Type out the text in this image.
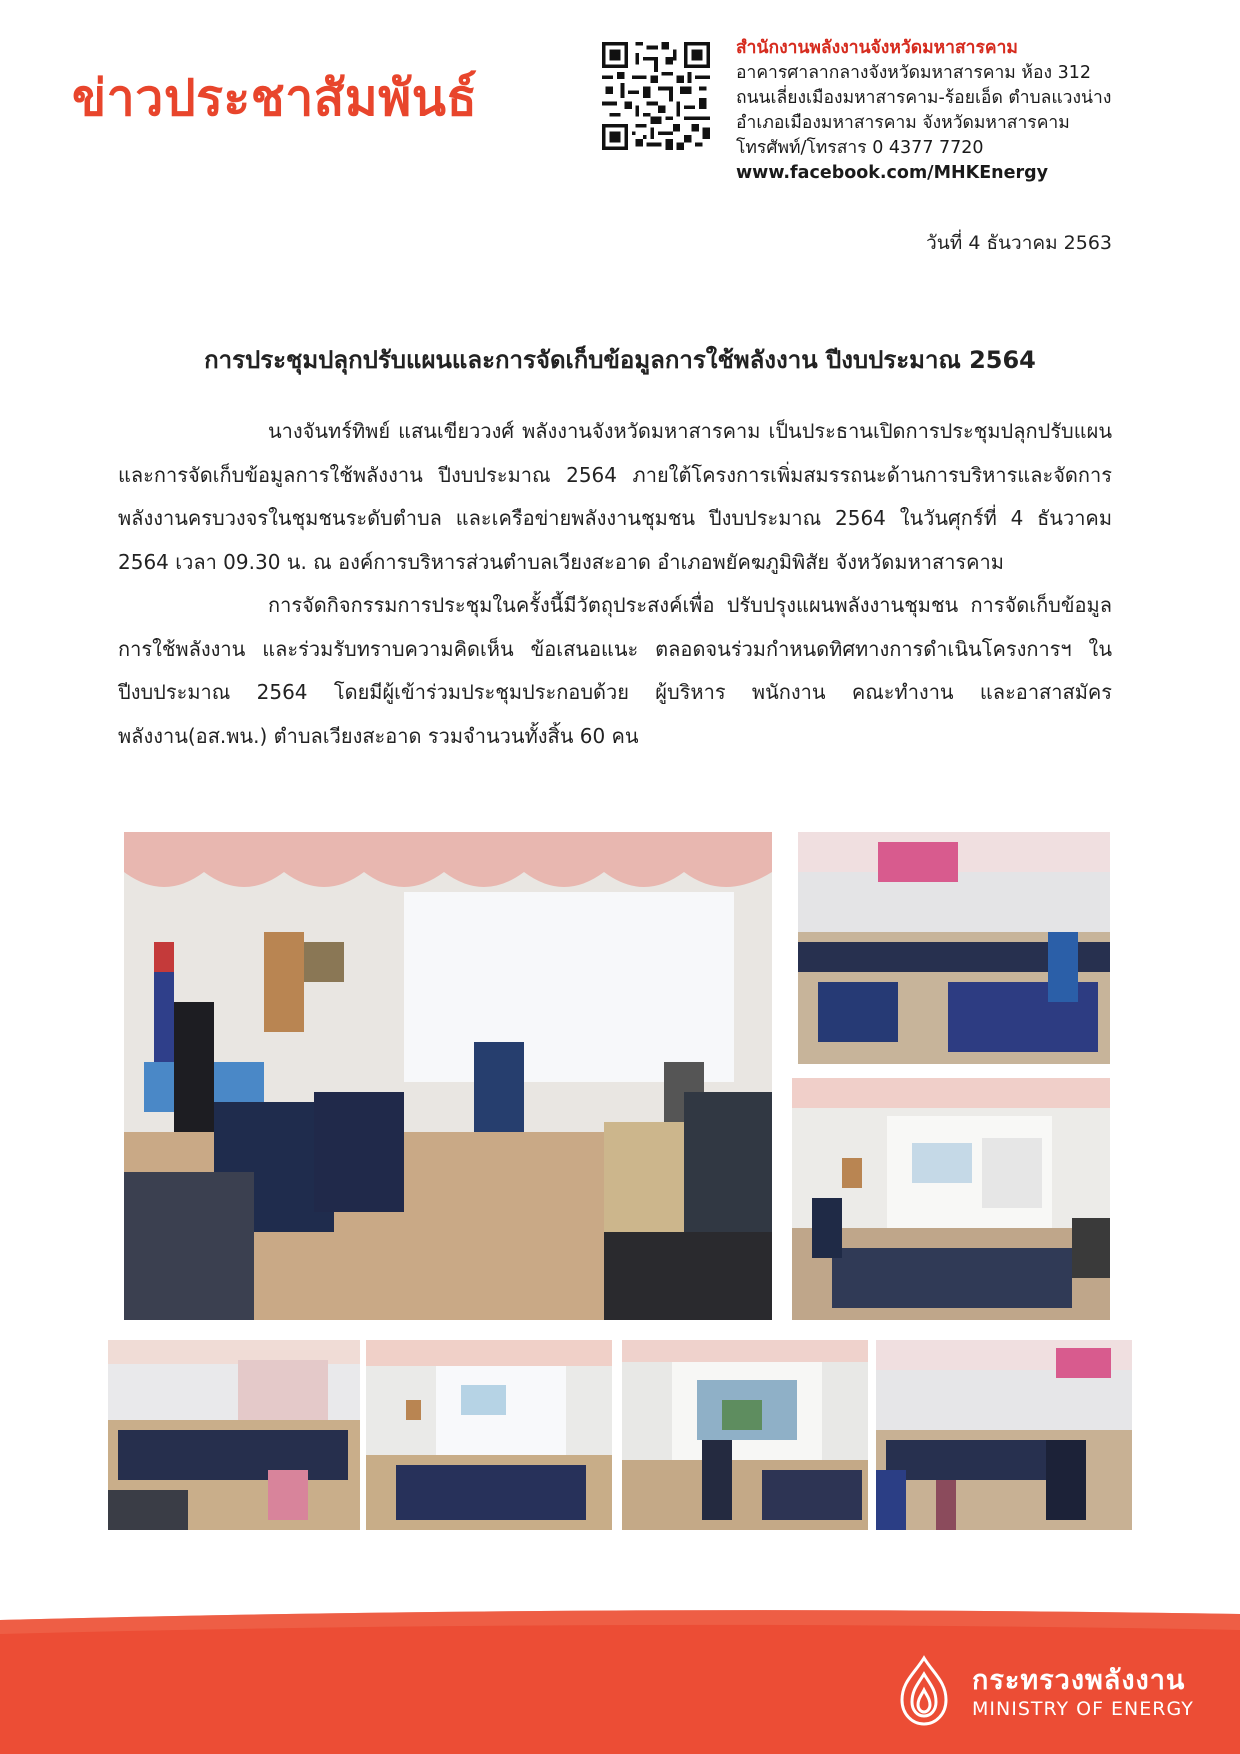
ข่าวประชาสัมพันธ์
สำนักงานพลังงานจังหวัดมหาสารคาม
อาคารศาลากลางจังหวัดมหาสารคาม ห้อง 312
ถนนเลี่ยงเมืองมหาสารคาม-ร้อยเอ็ด ตำบลแวงน่าง
อำเภอเมืองมหาสารคาม จังหวัดมหาสารคาม
โทรศัพท์/โทรสาร 0 4377 7720
www.facebook.com/MHKEnergy
วันที่ 4 ธันวาคม 2563
การประชุมปลุกปรับแผนและการจัดเก็บข้อมูลการใช้พลังงาน ปีงบประมาณ 2564

นางจันทร์ทิพย์ แสนเขียววงศ์ พลังงานจังหวัดมหาสารคาม เป็นประธานเปิดการประชุมปลุกปรับแผนและการจัดเก็บข้อมูลการใช้พลังงาน ปีงบประมาณ 2564 ภายใต้โครงการเพิ่มสมรรถนะด้านการบริหารและจัดการพลังงานครบวงจรในชุมชนระดับตำบล และเครือข่ายพลังงานชุมชน ปีงบประมาณ 2564 ในวันศุกร์ที่ 4 ธันวาคม 2564 เวลา 09.30 น. ณ องค์การบริหารส่วนตำบลเวียงสะอาด อำเภอพยัคฆภูมิพิสัย จังหวัดมหาสารคาม

การจัดกิจกรรมการประชุมในครั้งนี้มีวัตถุประสงค์เพื่อ ปรับปรุงแผนพลังงานชุมชน การจัดเก็บข้อมูลการใช้พลังงาน และร่วมรับทราบความคิดเห็น ข้อเสนอแนะ ตลอดจนร่วมกำหนดทิศทางการดำเนินโครงการฯ ในปีงบประมาณ 2564 โดยมีผู้เข้าร่วมประชุมประกอบด้วย ผู้บริหาร พนักงาน คณะทำงาน และอาสาสมัครพลังงาน(อส.พน.) ตำบลเวียงสะอาด รวมจำนวนทั้งสิ้น 60 คน

กระทรวงพลังงาน
MINISTRY OF ENERGY
